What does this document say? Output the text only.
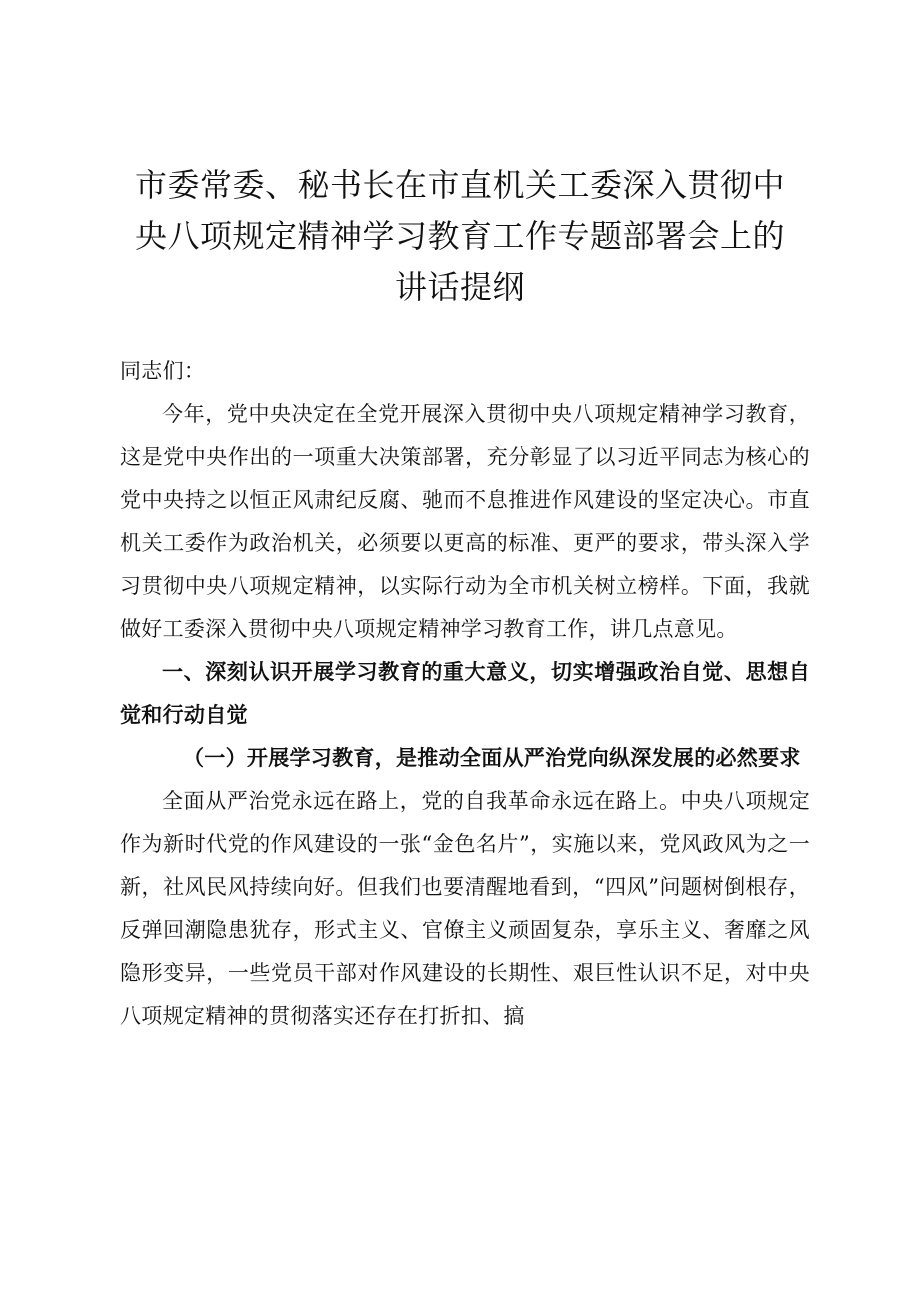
市委常委、秘书长在市直机关工委深入贯彻中央八项规定精神学习教育工作专题部署会上的讲话提纲

同志们：

今年，党中央决定在全党开展深入贯彻中央八项规定精神学习教育，这是党中央作出的一项重大决策部署，充分彰显了以习近平同志为核心的党中央持之以恒正风肃纪反腐、驰而不息推进作风建设的坚定决心。市直机关工委作为政治机关，必须要以更高的标准、更严的要求，带头深入学习贯彻中央八项规定精神，以实际行动为全市机关树立榜样。下面，我就做好工委深入贯彻中央八项规定精神学习教育工作，讲几点意见。

一、深刻认识开展学习教育的重大意义，切实增强政治自觉、思想自觉和行动自觉

（一）开展学习教育，是推动全面从严治党向纵深发展的必然要求

全面从严治党永远在路上，党的自我革命永远在路上。中央八项规定作为新时代党的作风建设的一张“金色名片”，实施以来，党风政风为之一新，社风民风持续向好。但我们也要清醒地看到，“四风”问题树倒根存，反弹回潮隐患犹存，形式主义、官僚主义顽固复杂，享乐主义、奢靡之风隐形变异，一些党员干部对作风建设的长期性、艰巨性认识不足，对中央八项规定精神的贯彻落实还存在打折扣、搞
